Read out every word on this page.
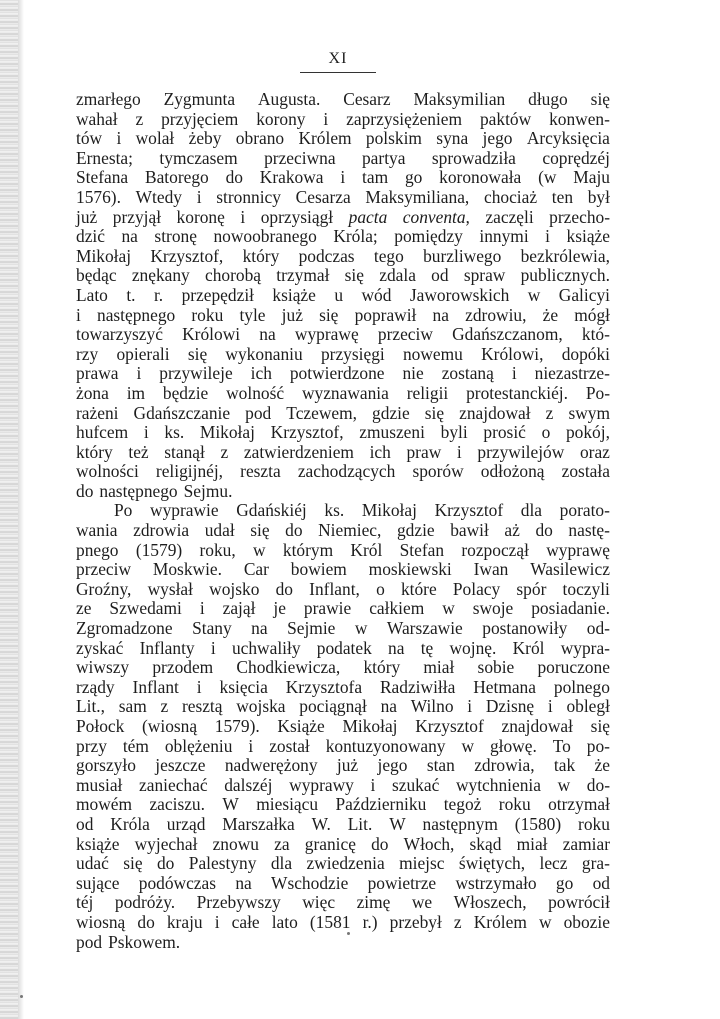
XI
zmarłego Zygmunta Augusta. Cesarz Maksymilian długo się
wahał z przyjęciem korony i zaprzysiężeniem paktów konwen-
tów i wolał żeby obrano Królem polskim syna jego Arcyksięcia
Ernesta; tymczasem przeciwna partya sprowadziła coprędzéj
Stefana Batorego do Krakowa i tam go koronowała (w Maju
1576). Wtedy i stronnicy Cesarza Maksymiliana, chociaż ten był
już przyjął koronę i oprzysiągł pacta conventa, zaczęli przecho-
dzić na stronę nowoobranego Króla; pomiędzy innymi i książe
Mikołaj Krzysztof, który podczas tego burzliwego bezkrólewia,
będąc znękany chorobą trzymał się zdala od spraw publicznych.
Lato t. r. przepędził książe u wód Jaworowskich w Galicyi
i następnego roku tyle już się poprawił na zdrowiu, że mógł
towarzyszyć Królowi na wyprawę przeciw Gdańszczanom, któ-
rzy opierali się wykonaniu przysięgi nowemu Królowi, dopóki
prawa i przywileje ich potwierdzone nie zostaną i niezastrze-
żona im będzie wolność wyznawania religii protestanckiéj. Po-
rażeni Gdańszczanie pod Tczewem, gdzie się znajdował z swym
hufcem i ks. Mikołaj Krzysztof, zmuszeni byli prosić o pokój,
który też stanął z zatwierdzeniem ich praw i przywilejów oraz
wolności religijnéj, reszta zachodzących sporów odłożoną została
do następnego Sejmu.
Po wyprawie Gdańskiéj ks. Mikołaj Krzysztof dla porato-
wania zdrowia udał się do Niemiec, gdzie bawił aż do nastę-
pnego (1579) roku, w którym Król Stefan rozpoczął wyprawę
przeciw Moskwie. Car bowiem moskiewski Iwan Wasilewicz
Groźny, wysłał wojsko do Inflant, o które Polacy spór toczyli
ze Szwedami i zajął je prawie całkiem w swoje posiadanie.
Zgromadzone Stany na Sejmie w Warszawie postanowiły od-
zyskać Inflanty i uchwaliły podatek na tę wojnę. Król wypra-
wiwszy przodem Chodkiewicza, który miał sobie poruczone
rządy Inflant i księcia Krzysztofa Radziwiłła Hetmana polnego
Lit., sam z resztą wojska pociągnął na Wilno i Dzisnę i obległ
Połock (wiosną 1579). Książe Mikołaj Krzysztof znajdował się
przy tém oblężeniu i został kontuzyonowany w głowę. To po-
gorszyło jeszcze nadwerężony już jego stan zdrowia, tak że
musiał zaniechać dalszéj wyprawy i szukać wytchnienia w do-
mowém zaciszu. W miesiącu Październiku tegoż roku otrzymał
od Króla urząd Marszałka W. Lit. W następnym (1580) roku
książe wyjechał znowu za granicę do Włoch, skąd miał zamiar
udać się do Palestyny dla zwiedzenia miejsc świętych, lecz gra-
sujące podówczas na Wschodzie powietrze wstrzymało go od
téj podróży. Przebywszy więc zimę we Włoszech, powrócił
wiosną do kraju i całe lato (1581 r.) przebył z Królem w obozie
pod Pskowem.
